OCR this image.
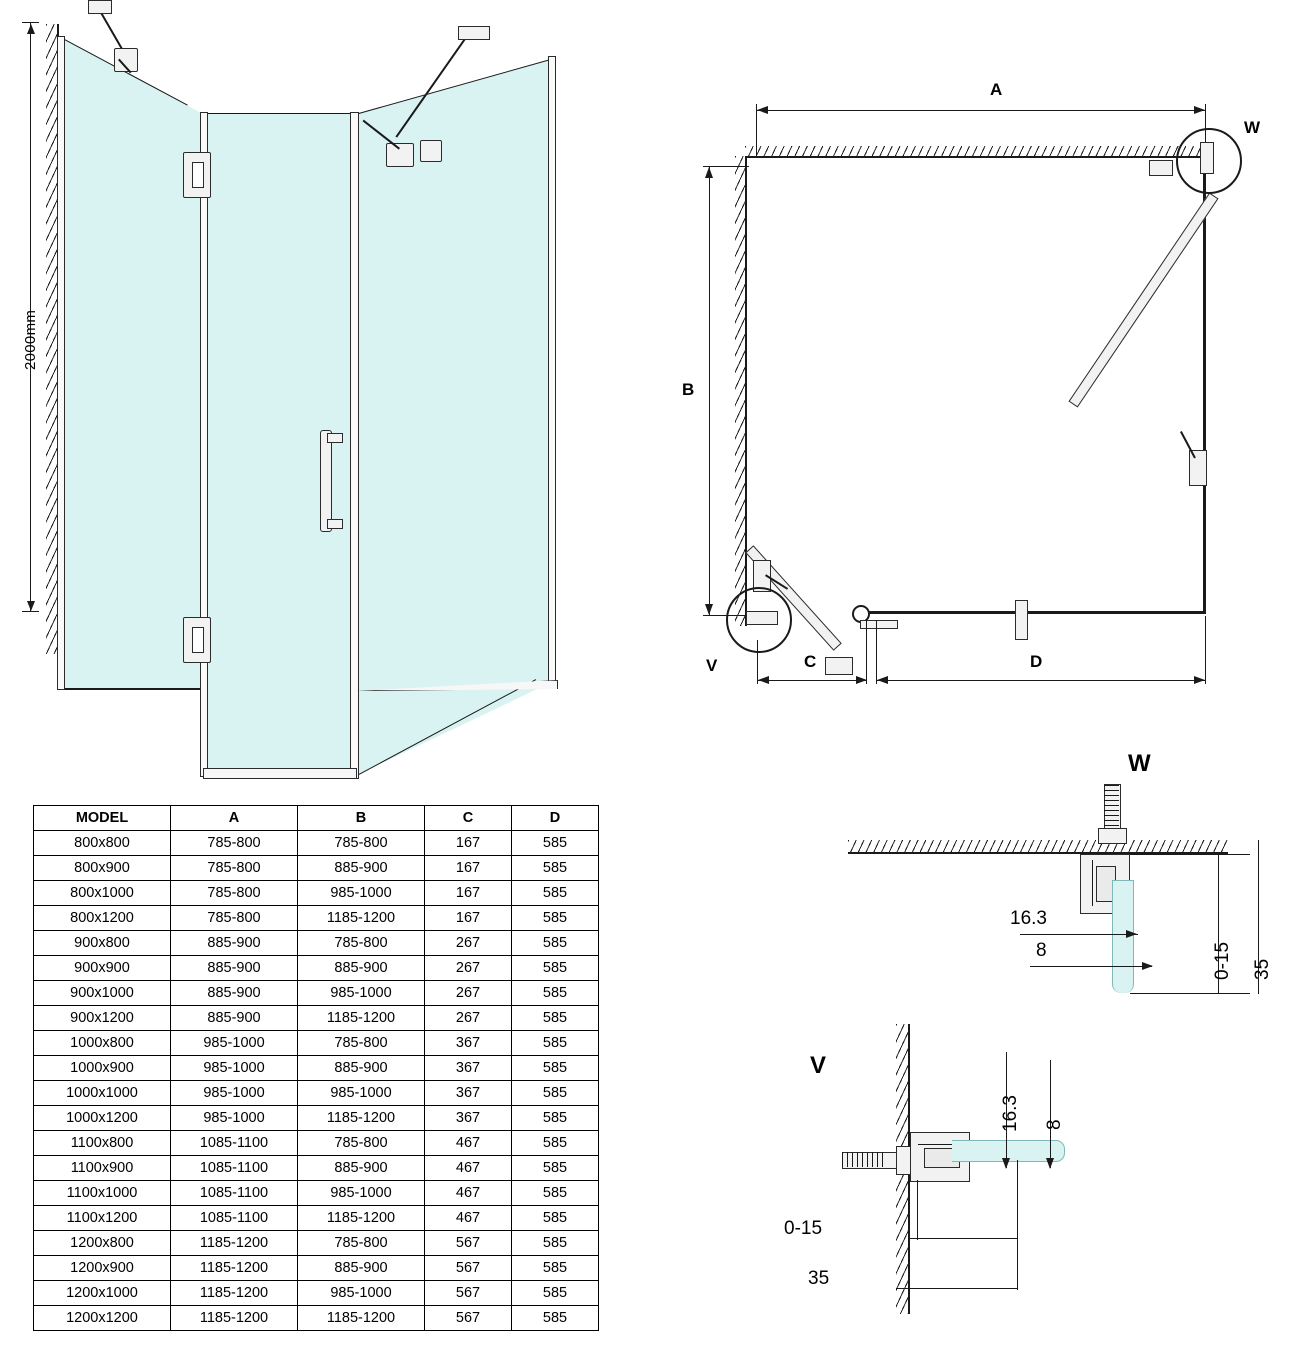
2000mm
A
B
W
V	C	D
W
16.3
8	0-15 35
V
16.3 8
0-15
35
MODEL	A	B	C	D
800x800	785-800	785-800	167	585
800x900	785-800	885-900	167	585
800x1000	785-800	985-1000	167	585
800x1200	785-800	1185-1200	167	585
900x800	885-900	785-800	267	585
900x900	885-900	885-900	267	585
900x1000	885-900	985-1000	267	585
900x1200	885-900	1185-1200	267	585
1000x800	985-1000	785-800	367	585
1000x900	985-1000	885-900	367	585
1000x1000	985-1000	985-1000	367	585
1000x1200	985-1000	1185-1200	367	585
1100x800	1085-1100	785-800	467	585
1100x900	1085-1100	885-900	467	585
1100x1000	1085-1100	985-1000	467	585
1100x1200	1085-1100	1185-1200	467	585
1200x800	1185-1200	785-800	567	585
1200x900	1185-1200	885-900	567	585
1200x1000	1185-1200	985-1000	567	585
1200x1200	1185-1200	1185-1200	567	585
